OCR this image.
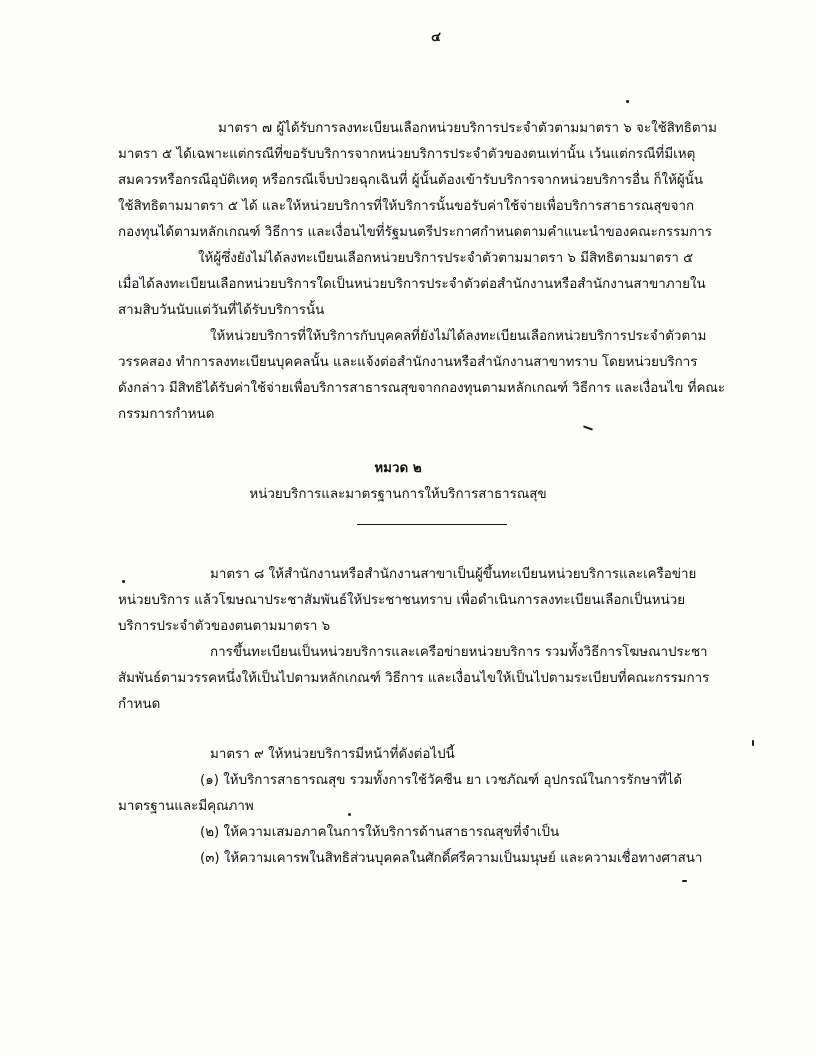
๔
มาตรา ๗ ผู้ได้รับการลงทะเบียนเลือกหน่วยบริการประจำตัวตามมาตรา ๖ จะใช้สิทธิตาม
มาตรา ๕ ได้เฉพาะแต่กรณีที่ขอรับบริการจากหน่วยบริการประจำตัวของตนเท่านั้น เว้นแต่กรณีที่มีเหตุ
สมควรหรือกรณีอุบัติเหตุ หรือกรณีเจ็บป่วยฉุกเฉินที่ ผู้นั้นต้องเข้ารับบริการจากหน่วยบริการอื่น ก็ให้ผู้นั้น
ใช้สิทธิตามมาตรา ๕ ได้ และให้หน่วยบริการที่ให้บริการนั้นขอรับค่าใช้จ่ายเพื่อบริการสาธารณสุขจาก
กองทุนได้ตามหลักเกณฑ์ วิธีการ และเงื่อนไขที่รัฐมนตรีประกาศกำหนดตามคำแนะนำของคณะกรรมการ
ให้ผู้ซึ่งยังไม่ได้ลงทะเบียนเลือกหน่วยบริการประจำตัวตามมาตรา ๖ มีสิทธิตามมาตรา ๕
เมื่อได้ลงทะเบียนเลือกหน่วยบริการใดเป็นหน่วยบริการประจำตัวต่อสำนักงานหรือสำนักงานสาขาภายใน
สามสิบวันนับแต่วันที่ได้รับบริการนั้น
ให้หน่วยบริการที่ให้บริการกับบุคคลที่ยังไม่ได้ลงทะเบียนเลือกหน่วยบริการประจำตัวตาม
วรรคสอง ทำการลงทะเบียนบุคคลนั้น และแจ้งต่อสำนักงานหรือสำนักงานสาขาทราบ โดยหน่วยบริการ
ดังกล่าว มีสิทธิได้รับค่าใช้จ่ายเพื่อบริการสาธารณสุขจากกองทุนตามหลักเกณฑ์ วิธีการ และเงื่อนไข ที่คณะ
กรรมการกำหนด
หมวด ๒
หน่วยบริการและมาตรฐานการให้บริการสาธารณสุข
มาตรา ๘ ให้สำนักงานหรือสำนักงานสาขาเป็นผู้ขึ้นทะเบียนหน่วยบริการและเครือข่าย
หน่วยบริการ แล้วโฆษณาประชาสัมพันธ์ให้ประชาชนทราบ เพื่อดำเนินการลงทะเบียนเลือกเป็นหน่วย
บริการประจำตัวของตนตามมาตรา ๖
การขึ้นทะเบียนเป็นหน่วยบริการและเครือข่ายหน่วยบริการ รวมทั้งวิธีการโฆษณาประชา
สัมพันธ์ตามวรรคหนึ่งให้เป็นไปตามหลักเกณฑ์ วิธีการ และเงื่อนไขให้เป็นไปตามระเบียบที่คณะกรรมการ
กำหนด
มาตรา ๙ ให้หน่วยบริการมีหน้าที่ดังต่อไปนี้
(๑) ให้บริการสาธารณสุข รวมทั้งการใช้วัคซีน ยา เวชภัณฑ์ อุปกรณ์ในการรักษาที่ได้
มาตรฐานและมีคุณภาพ
(๒) ให้ความเสมอภาคในการให้บริการด้านสาธารณสุขที่จำเป็น
(๓) ให้ความเคารพในสิทธิส่วนบุคคลในศักดิ์ศรีความเป็นมนุษย์ และความเชื่อทางศาสนา
